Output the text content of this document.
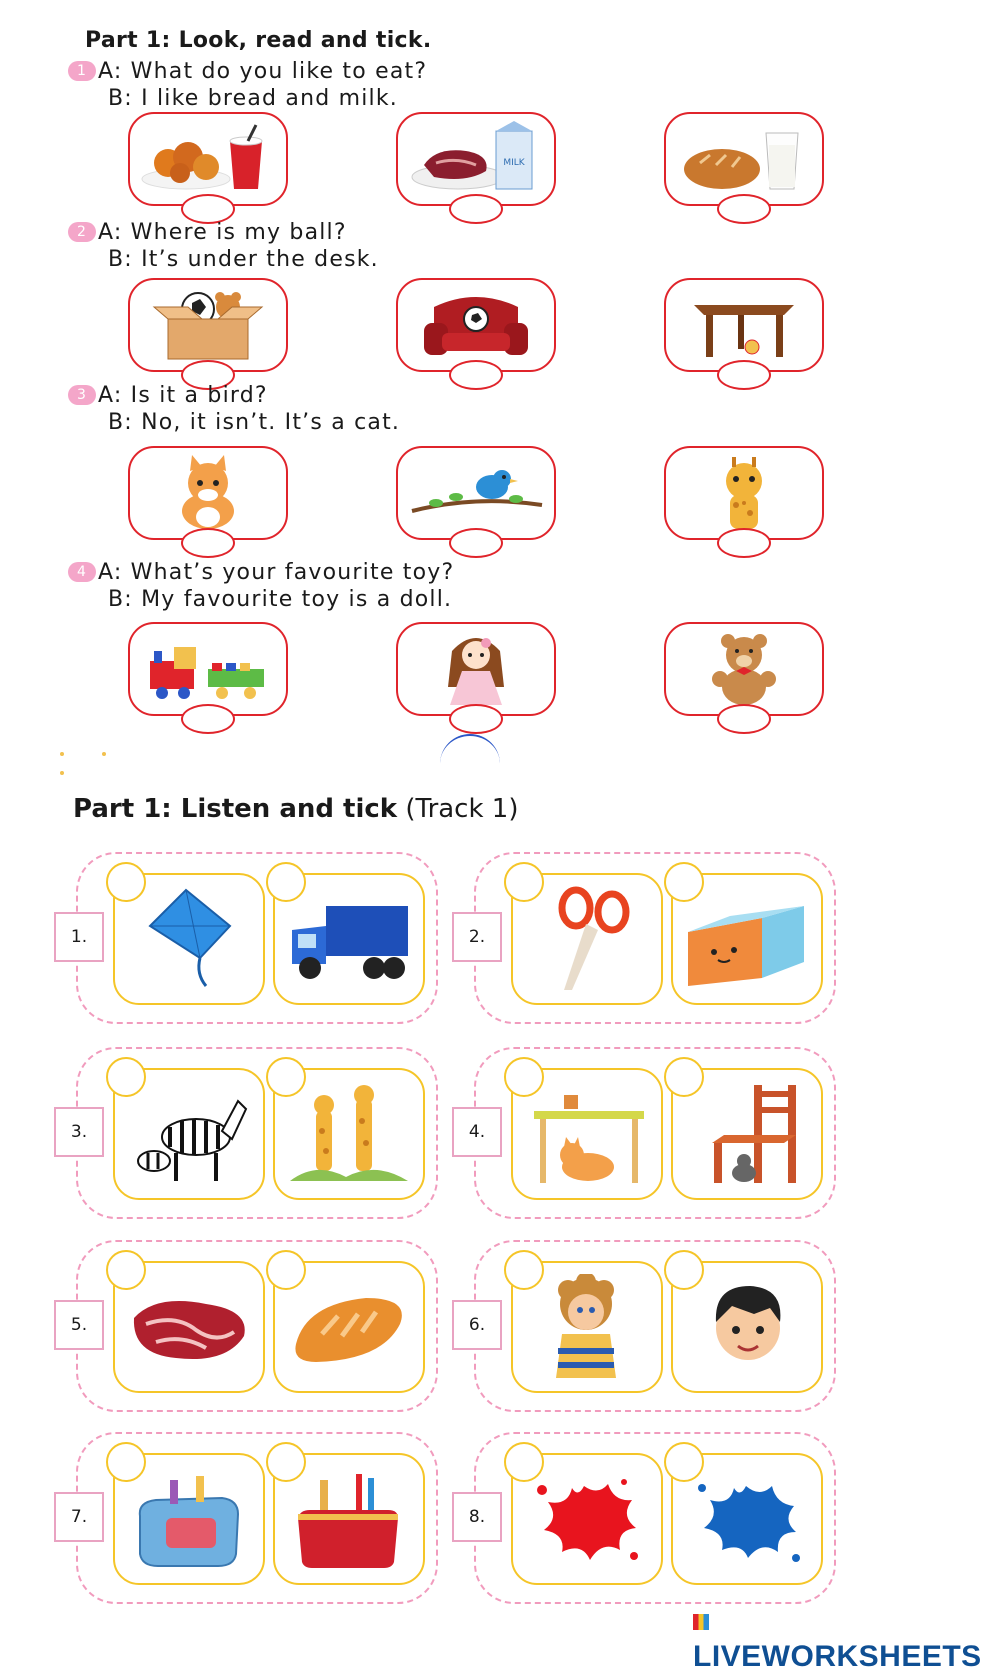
Part 1: Look, read and tick.
1 A: What do you like to eat?
B: I like bread and milk.
MILK
2 A: Where is my ball?
B: It’s under the desk.
3 A: Is it a bird?
B: No, it isn’t. It’s a cat.
4 A: What’s your favourite toy?
B: My favourite toy is a doll.
Part 1: Listen and tick (Track 1)
1.	2.
3.	4.
5.	6.
7.	8.
LIVEWORKSHEETS
